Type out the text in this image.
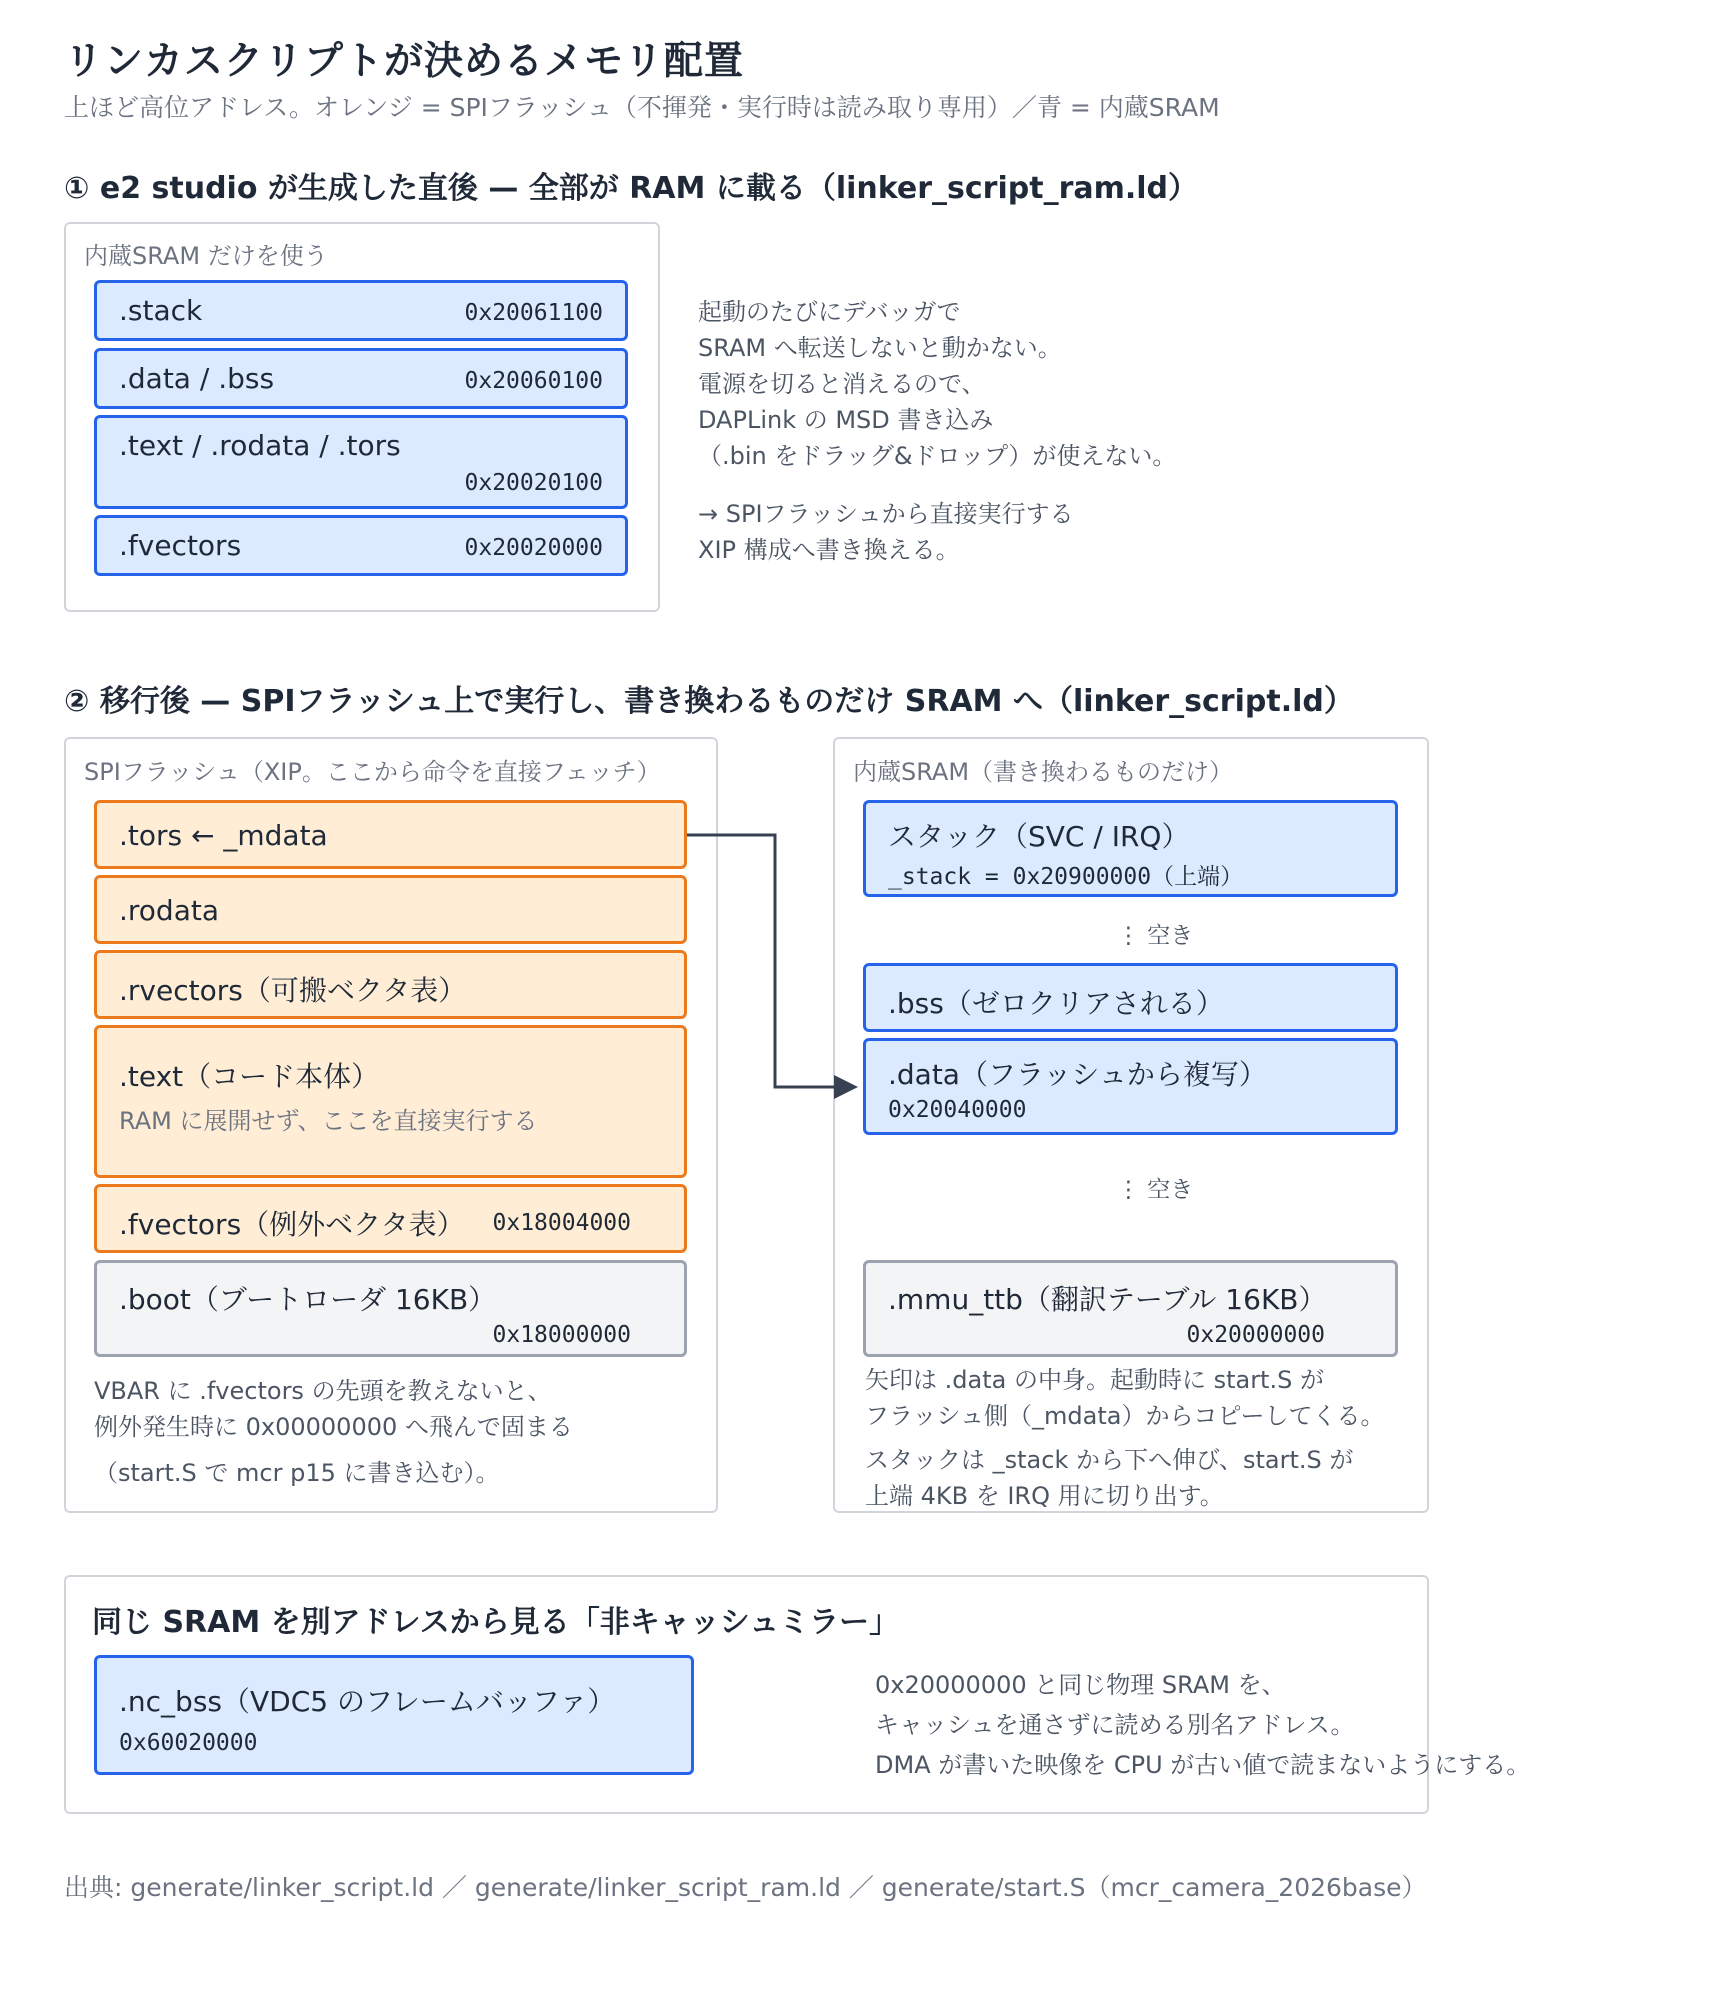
リンカスクリプトが決めるメモリ配置
上ほど高位アドレス。オレンジ = SPIフラッシュ（不揮発・実行時は読み取り専用）／青 = 内蔵SRAM
① e2 studio が生成した直後 — 全部が RAM に載る（linker_script_ram.ld）
内蔵SRAM だけを使う
.stack	0x20061100
.data / .bss	0x20060100
.text / .rodata / .tors
0x20020100
.fvectors	0x20020000
起動のたびにデバッガで
SRAM へ転送しないと動かない。
電源を切ると消えるので、
DAPLink の MSD 書き込み
（.bin をドラッグ&ドロップ）が使えない。
→ SPIフラッシュから直接実行する
XIP 構成へ書き換える。
② 移行後 — SPIフラッシュ上で実行し、書き換わるものだけ SRAM へ（linker_script.ld）
SPIフラッシュ（XIP。ここから命令を直接フェッチ）
.tors ← _mdata
.rodata
.rvectors（可搬ベクタ表）
.text（コード本体）
RAM に展開せず、ここを直接実行する
.fvectors（例外ベクタ表） 0x18004000
.boot（ブートローダ 16KB）
0x18000000
VBAR に .fvectors の先頭を教えないと、
例外発生時に 0x00000000 へ飛んで固まる
（start.S で mcr p15 に書き込む）。
内蔵SRAM（書き換わるものだけ）
スタック（SVC / IRQ）
_stack = 0x20900000（上端）
⋮ 空き
.bss（ゼロクリアされる）
.data（フラッシュから複写）
0x20040000
⋮ 空き
.mmu_ttb（翻訳テーブル 16KB）
0x20000000
矢印は .data の中身。起動時に start.S が
フラッシュ側（_mdata）からコピーしてくる。
スタックは _stack から下へ伸び、start.S が
上端 4KB を IRQ 用に切り出す。
同じ SRAM を別アドレスから見る「非キャッシュミラー」
.nc_bss（VDC5 のフレームバッファ）
0x60020000
0x20000000 と同じ物理 SRAM を、
キャッシュを通さずに読める別名アドレス。
DMA が書いた映像を CPU が古い値で読まないようにする。
出典: generate/linker_script.ld ／ generate/linker_script_ram.ld ／ generate/start.S（mcr_camera_2026base）
